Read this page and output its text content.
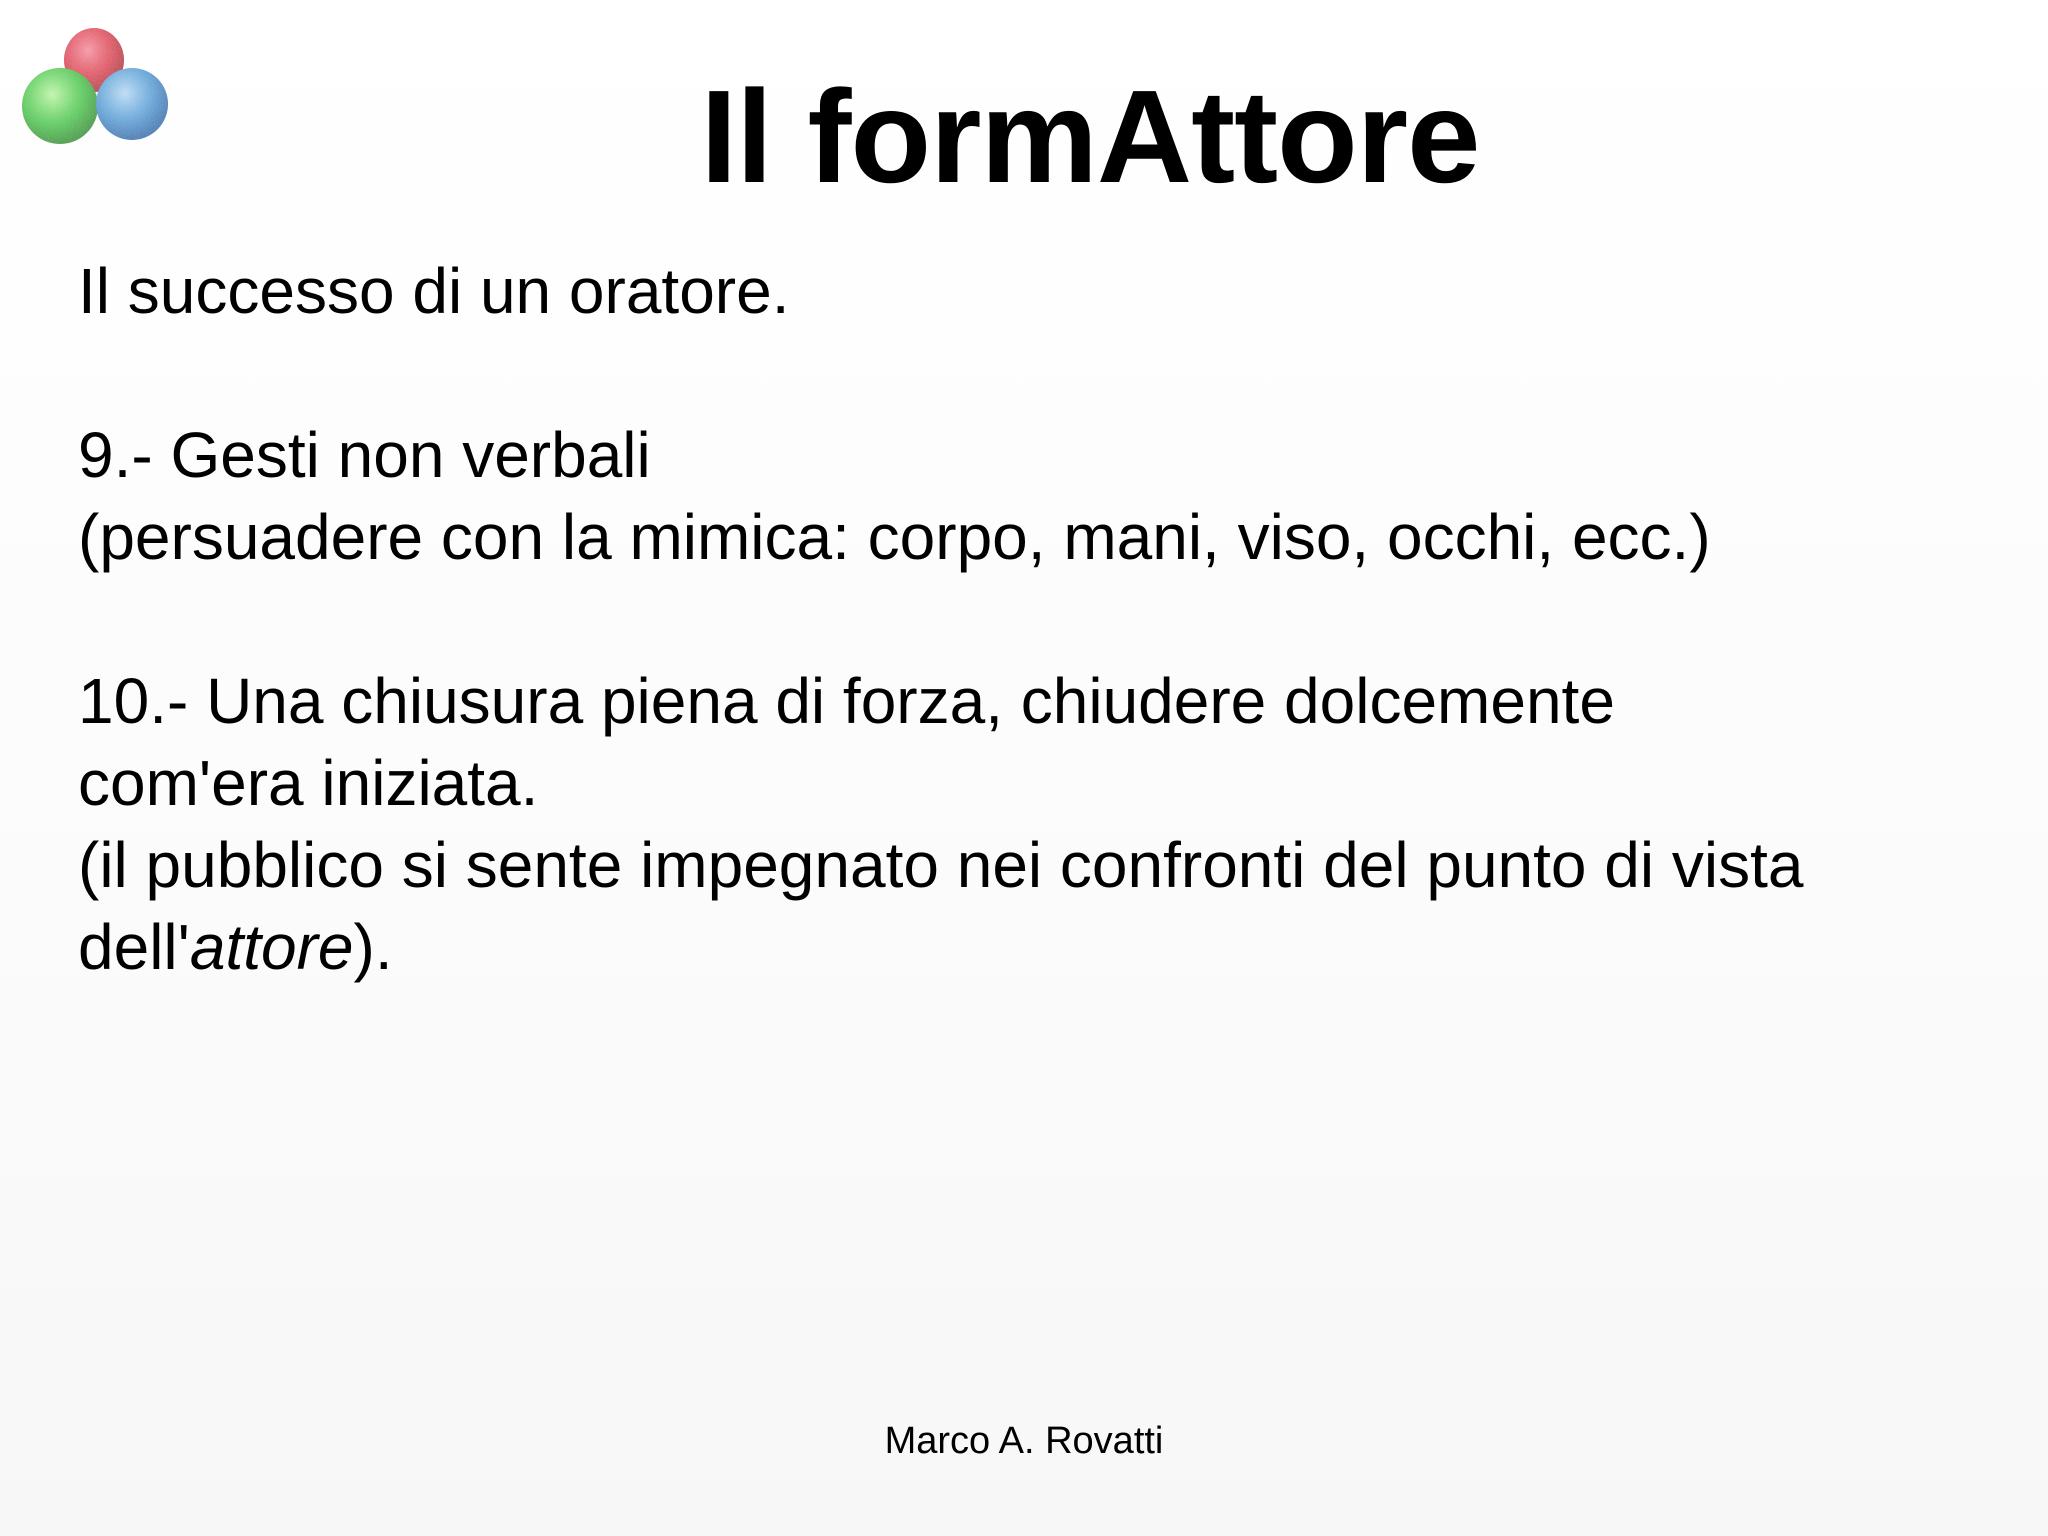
Il formAttore
Il successo di un oratore.
9.- Gesti non verbali
(persuadere con la mimica: corpo, mani, viso, occhi, ecc.)
10.- Una chiusura piena di forza, chiudere dolcemente
com'era iniziata.
(il pubblico si sente impegnato nei confronti del punto di vista
dell'attore).
Marco A. Rovatti
